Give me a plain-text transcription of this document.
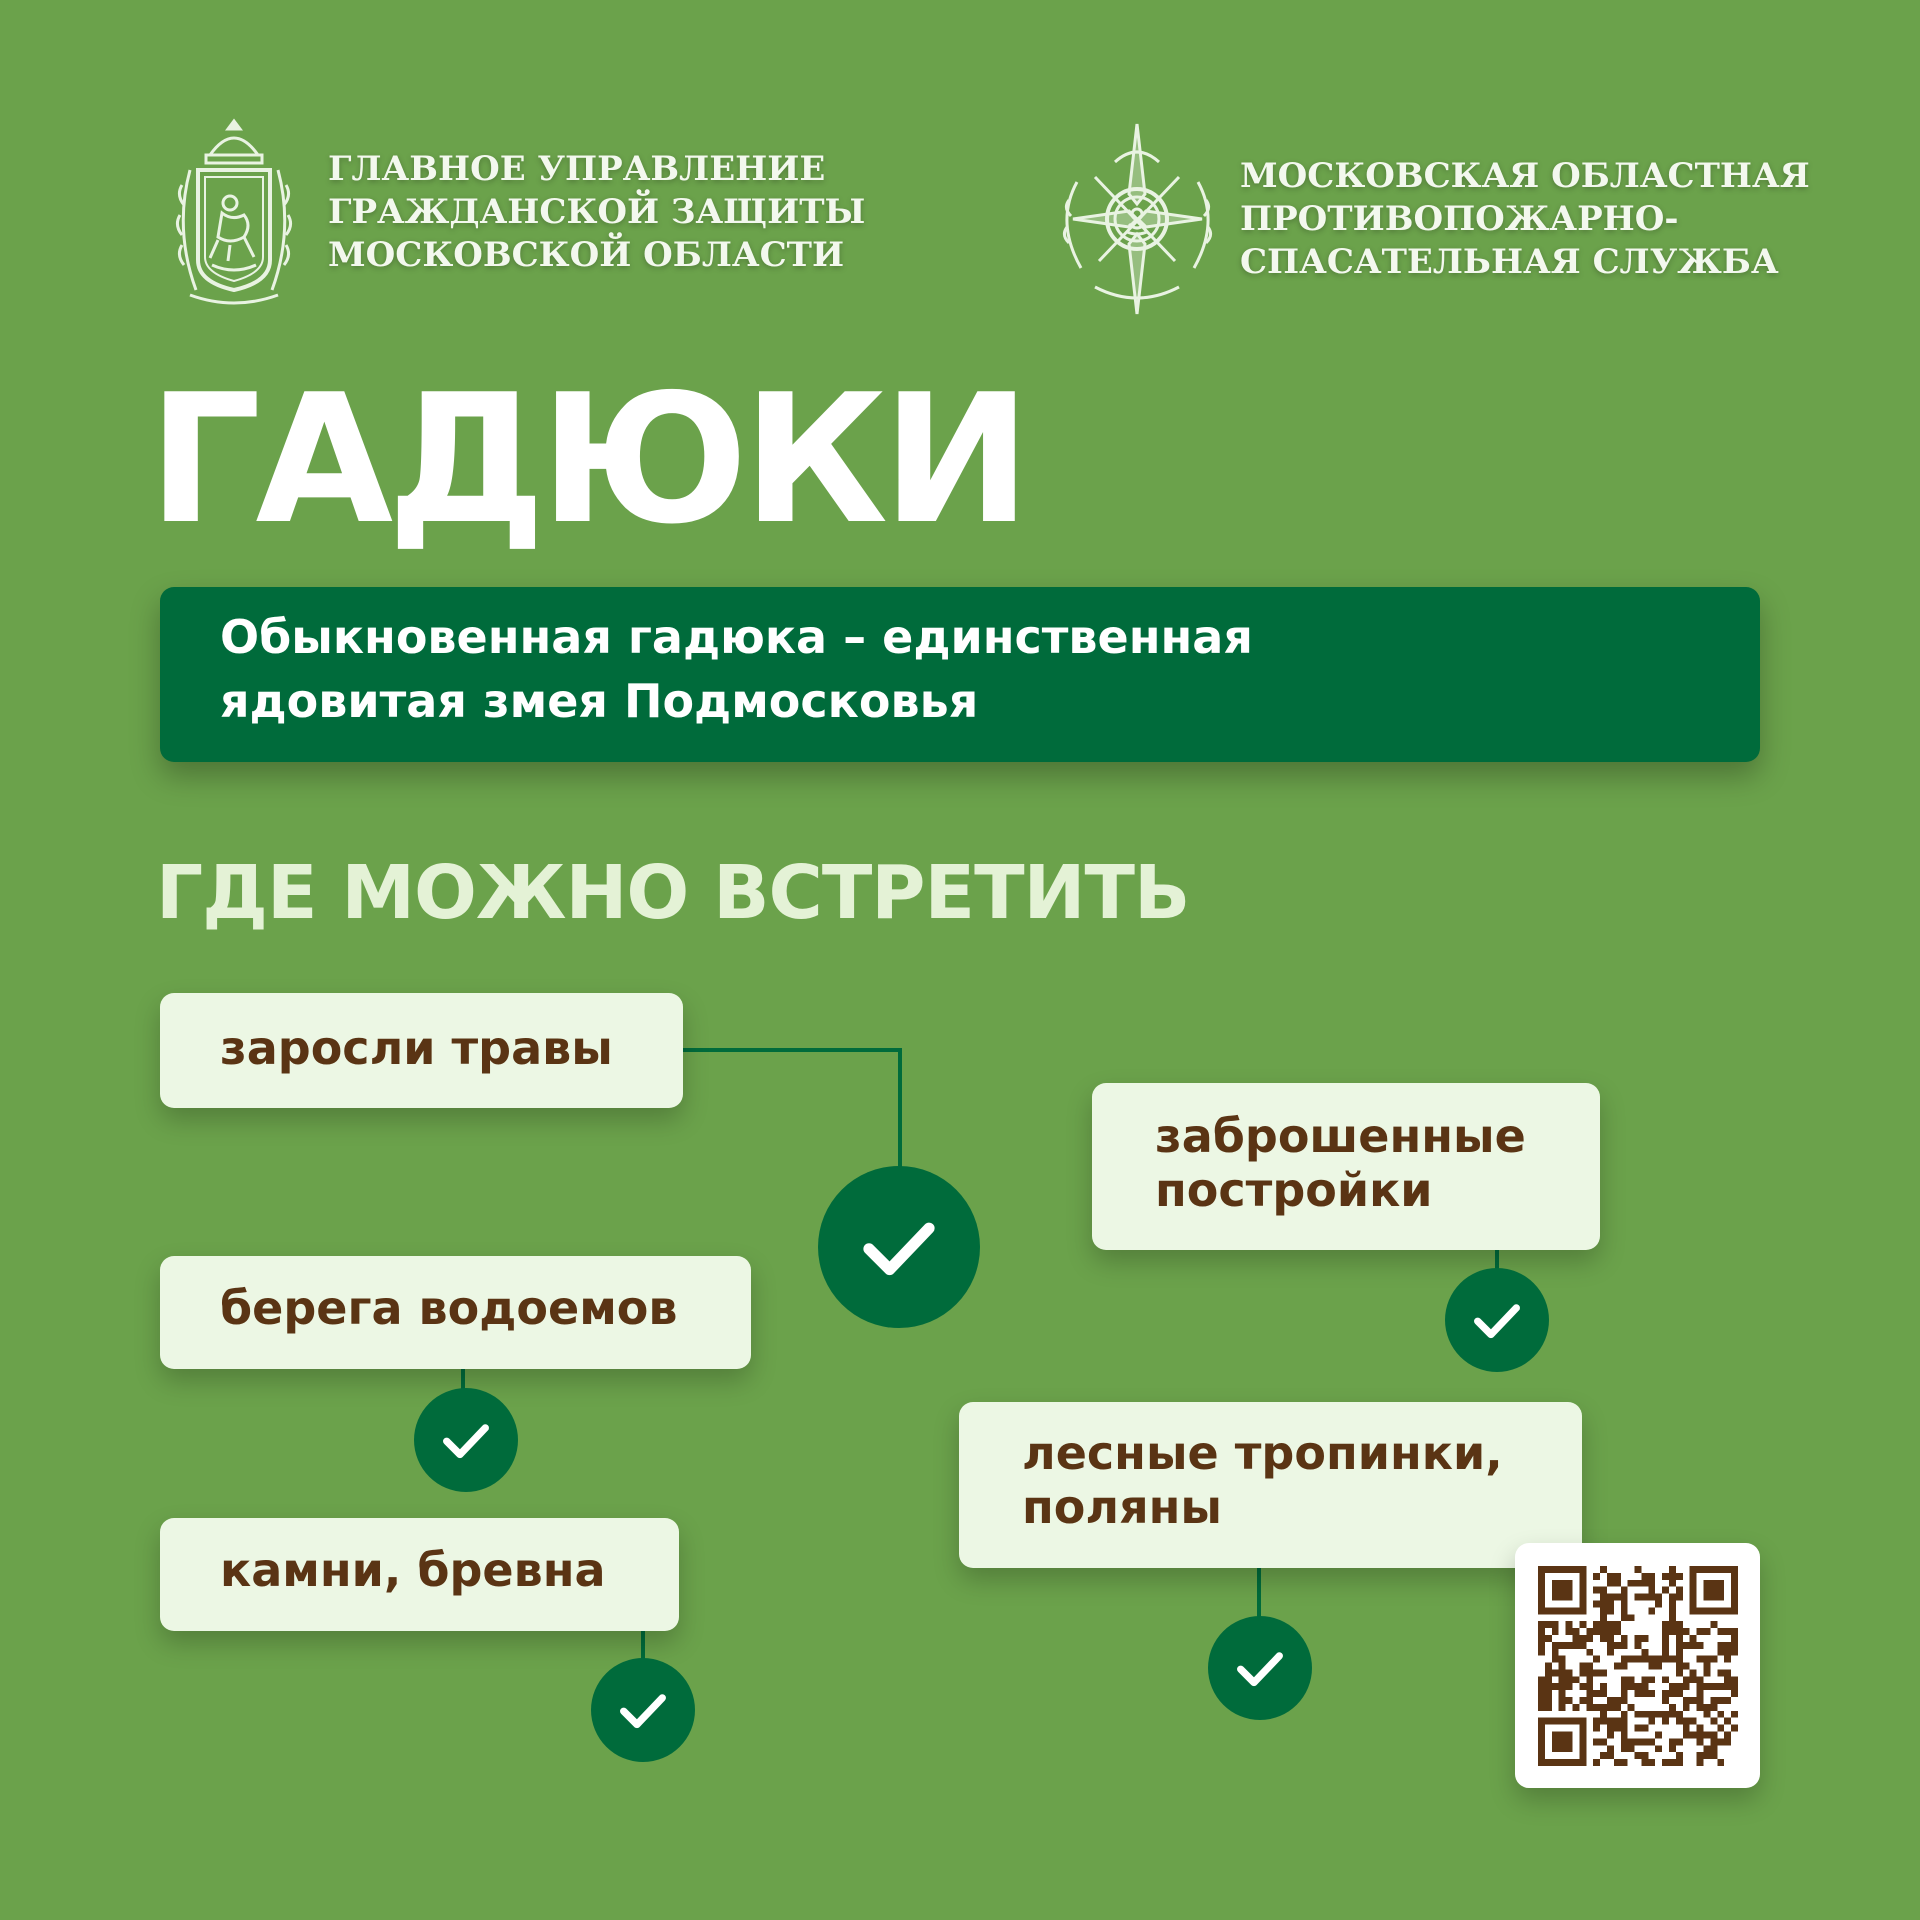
ГЛАВНОЕ УПРАВЛЕНИЕ
ГРАЖДАНСКОЙ ЗАЩИТЫ
МОСКОВСКОЙ ОБЛАСТИ
МОСКОВСКАЯ ОБЛАСТНАЯ
ПРОТИВОПОЖАРНО-
СПАСАТЕЛЬНАЯ СЛУЖБА
ГАДЮКИ
Обыкновенная гадюка – единственная
ядовитая змея Подмосковья
ГДЕ МОЖНО ВСТРЕТИТЬ
заросли травы
заброшенные
постройки
берега водоемов
лесные тропинки,
поляны
камни, бревна
